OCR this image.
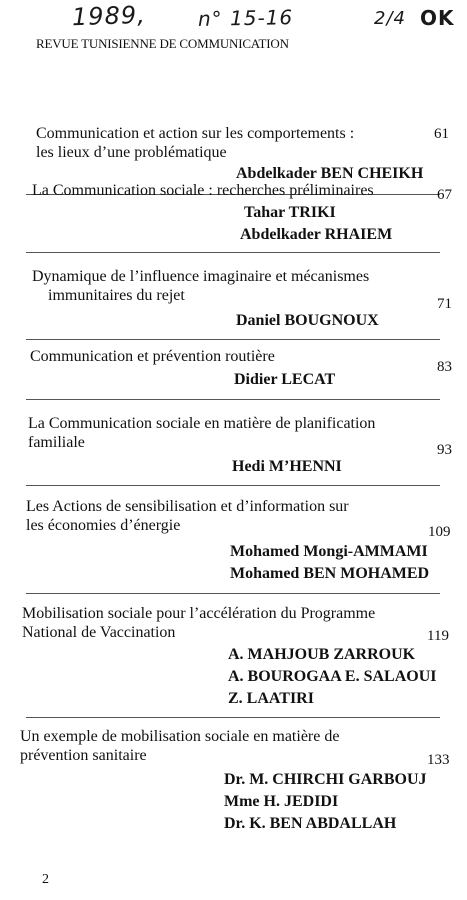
1989,	n° 15-16	2/4 OK
REVUE TUNISIENNE DE COMMUNICATION
Communication et action sur les comportements :
les lieux d’une problématique
61
Abdelkader BEN CHEIKH
La Communication sociale : recherches préliminaires	67
Tahar TRIKI
Abdelkader RHAIEM
Dynamique de l’influence imaginaire et mécanismes
immunitaires du rejet	71
Daniel BOUGNOUX
Communication et prévention routière
83
Didier LECAT
La Communication sociale en matière de planification
familiale	93
Hedi M’HENNI
Les Actions de sensibilisation et d’information sur
les économies d’énergie	109
Mohamed Mongi-AMMAMI
Mohamed BEN MOHAMED
Mobilisation sociale pour l’accélération du Programme
National de Vaccination	119
A. MAHJOUB ZARROUK
A. BOUROGAA E. SALAOUI
Z. LAATIRI
Un exemple de mobilisation sociale en matière de
prévention sanitaire	133
Dr. M. CHIRCHI GARBOUJ
Mme H. JEDIDI
Dr. K. BEN ABDALLAH
2
